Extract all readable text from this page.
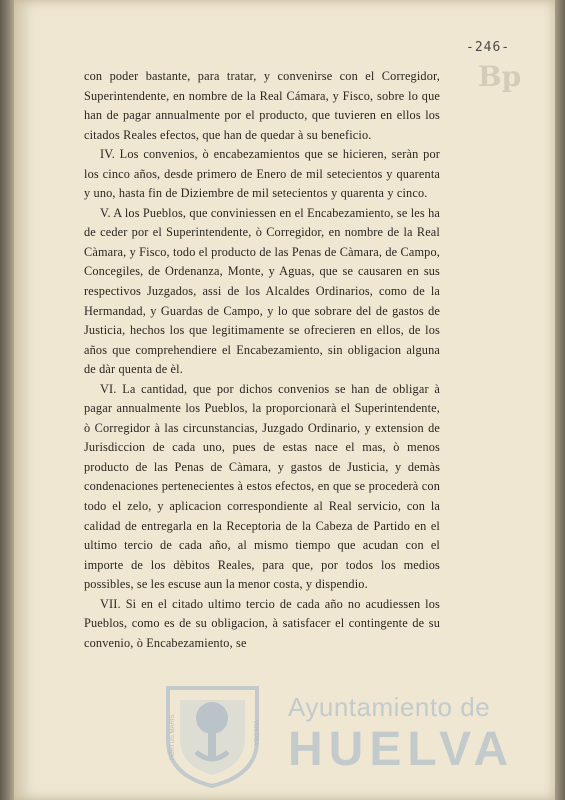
-246-
Bp

con poder bastante, para tratar, y convenirse con el Corregidor, Superintendente, en nombre de la Real Cámara, y Fisco, sobre lo que han de pagar annualmente por el producto, que tuvieren en ellos los citados Reales efectos, que han de quedar à su beneficio.

IV. Los convenios, ò encabezamientos que se hicieren, seràn por los cinco años, desde primero de Enero de mil setecientos y quarenta y uno, hasta fin de Diziembre de mil setecientos y quarenta y cinco.

V. A los Pueblos, que conviniessen en el Encabezamiento, se les ha de ceder por el Superintendente, ò Corregidor, en nombre de la Real Càmara, y Fisco, todo el producto de las Penas de Càmara, de Campo, Concegiles, de Ordenanza, Monte, y Aguas, que se causaren en sus respectivos Juzgados, assi de los Alcaldes Ordinarios, como de la Hermandad, y Guardas de Campo, y lo que sobrare del de gastos de Justicia, hechos los que legitimamente se ofrecieren en ellos, de los años que comprehendiere el Encabezamiento, sin obligacion alguna de dàr quenta de èl.

VI. La cantidad, que por dichos convenios se han de obligar à pagar annualmente los Pueblos, la proporcionarà el Superintendente, ò Corregidor à las circunstancias, Juzgado Ordinario, y extension de Jurisdiccion de cada uno, pues de estas nace el mas, ò menos producto de las Penas de Càmara, y gastos de Justicia, y demàs condenaciones pertenecientes à estos efectos, en que se procederà con todo el zelo, y aplicacion correspondiente al Real servicio, con la calidad de entregarla en la Receptoria de la Cabeza de Partido en el ultimo tercio de cada año, al mismo tiempo que acudan con el importe de los dèbitos Reales, para que, por todos los medios possibles, se les escuse aun la menor costa, y dispendio.

VII. Si en el citado ultimo tercio de cada año no acudiessen los Pueblos, como es de su obligacion, à satisfacer el contingente de su convenio, ò Encabezamiento, se

PORTUS MARIS	VOSOBA
Ayuntamiento de
HUELVA
